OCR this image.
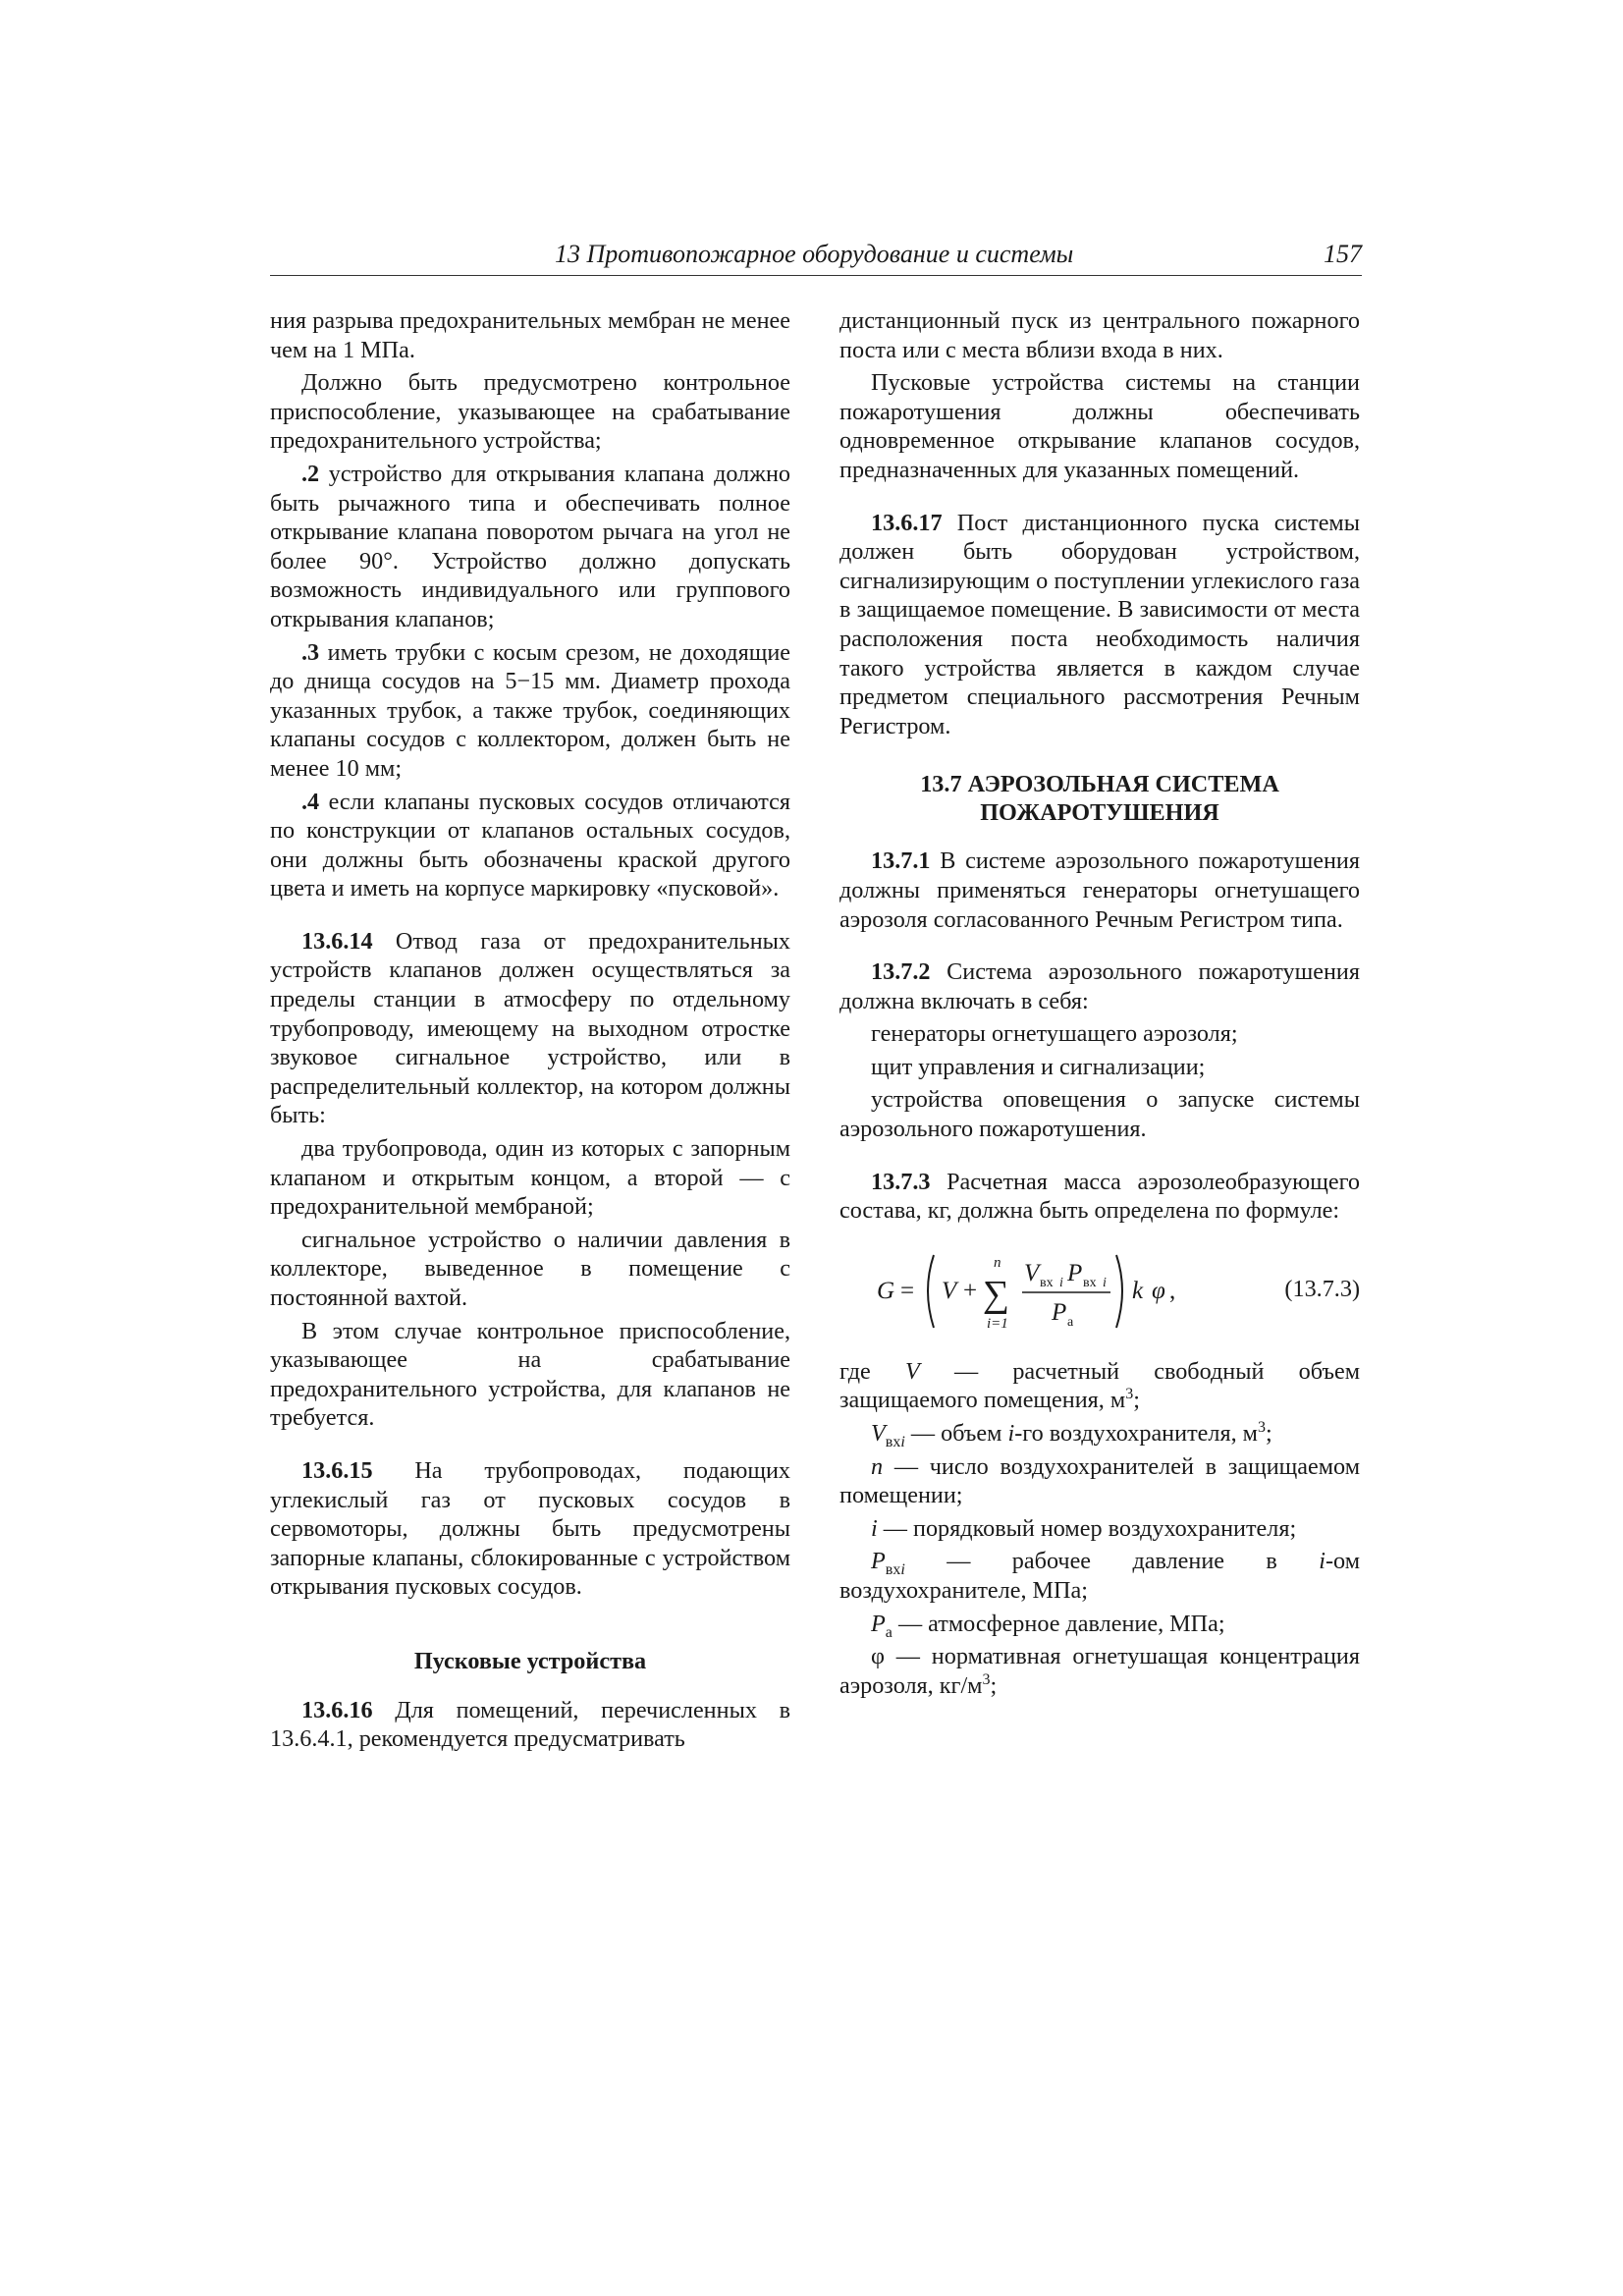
13 Противопожарное оборудование и системы	157

ния разрыва предохранительных мембран не менее чем на 1 МПа.

Должно быть предусмотрено контрольное приспособление, указывающее на срабатывание предохранительного устройства;

.2 устройство для открывания клапана должно быть рычажного типа и обеспечивать полное открывание клапана поворотом рычага на угол не более 90°. Устройство должно допускать возможность индивидуального или группового открывания клапанов;

.3 иметь трубки с косым срезом, не доходящие до днища сосудов на 5−15 мм. Диаметр прохода указанных трубок, а также трубок, соединяющих клапаны сосудов с коллектором, должен быть не менее 10 мм;

.4 если клапаны пусковых сосудов отличаются по конструкции от клапанов остальных сосудов, они должны быть обозначены краской другого цвета и иметь на корпусе маркировку «пусковой».

13.6.14 Отвод газа от предохранительных устройств клапанов должен осуществляться за пределы станции в атмосферу по отдельному трубопроводу, имеющему на выходном отростке звуковое сигнальное устройство, или в распределительный коллектор, на котором должны быть:

два трубопровода, один из которых с запорным клапаном и открытым концом, а второй — с предохранительной мембраной;

сигнальное устройство о наличии давления в коллекторе, выведенное в помещение с постоянной вахтой.

В этом случае контрольное приспособление, указывающее на срабатывание предохранительного устройства, для клапанов не требуется.

13.6.15 На трубопроводах, подающих углекислый газ от пусковых сосудов в сервомоторы, должны быть предусмотрены запорные клапаны, сблокированные с устройством открывания пусковых сосудов.

Пусковые устройства

13.6.16 Для помещений, перечисленных в 13.6.4.1, рекомендуется предусматривать

дистанционный пуск из центрального пожарного поста или с места вблизи входа в них.

Пусковые устройства системы на станции пожаротушения должны обеспечивать одновременное открывание клапанов сосудов, предназначенных для указанных помещений.

13.6.17 Пост дистанционного пуска системы должен быть оборудован устройством, сигнализирующим о поступлении углекислого газа в защищаемое помещение. В зависимости от места расположения поста необходимость наличия такого устройства является в каждом случае предметом специального рассмотрения Речным Регистром.

13.7 АЭРОЗОЛЬНАЯ СИСТЕМА
ПОЖАРОТУШЕНИЯ

13.7.1 В системе аэрозольного пожаротушения должны применяться генераторы огнетушащего аэрозоля согласованного Речным Регистром типа.

13.7.2 Система аэрозольного пожаротушения должна включать в себя:

генераторы огнетушащего аэрозоля;

щит управления и сигнализации;

устройства оповещения о запуске системы аэрозольного пожаротушения.

13.7.3 Расчетная масса аэрозолеобразующего состава, кг, должна быть определена по формуле:

G = V + ∑
n
i=1
V вх i P вх i
P а
k φ ,	(13.7.3)

где V — расчетный свободный объем защищаемого помещения, $м^3$;

$V_{вхi}$ — объем i-го воздухохранителя, $м^3$;

n — число воздухохранителей в защищаемом помещении;

i — порядковый номер воздухохранителя;

$P_{вхi}$ — рабочее давление в i-ом воздухохранителе, МПа;

$P_а$ — атмосферное давление, МПа;

φ — нормативная огнетушащая концентрация аэрозоля, $кг/м^3$;
